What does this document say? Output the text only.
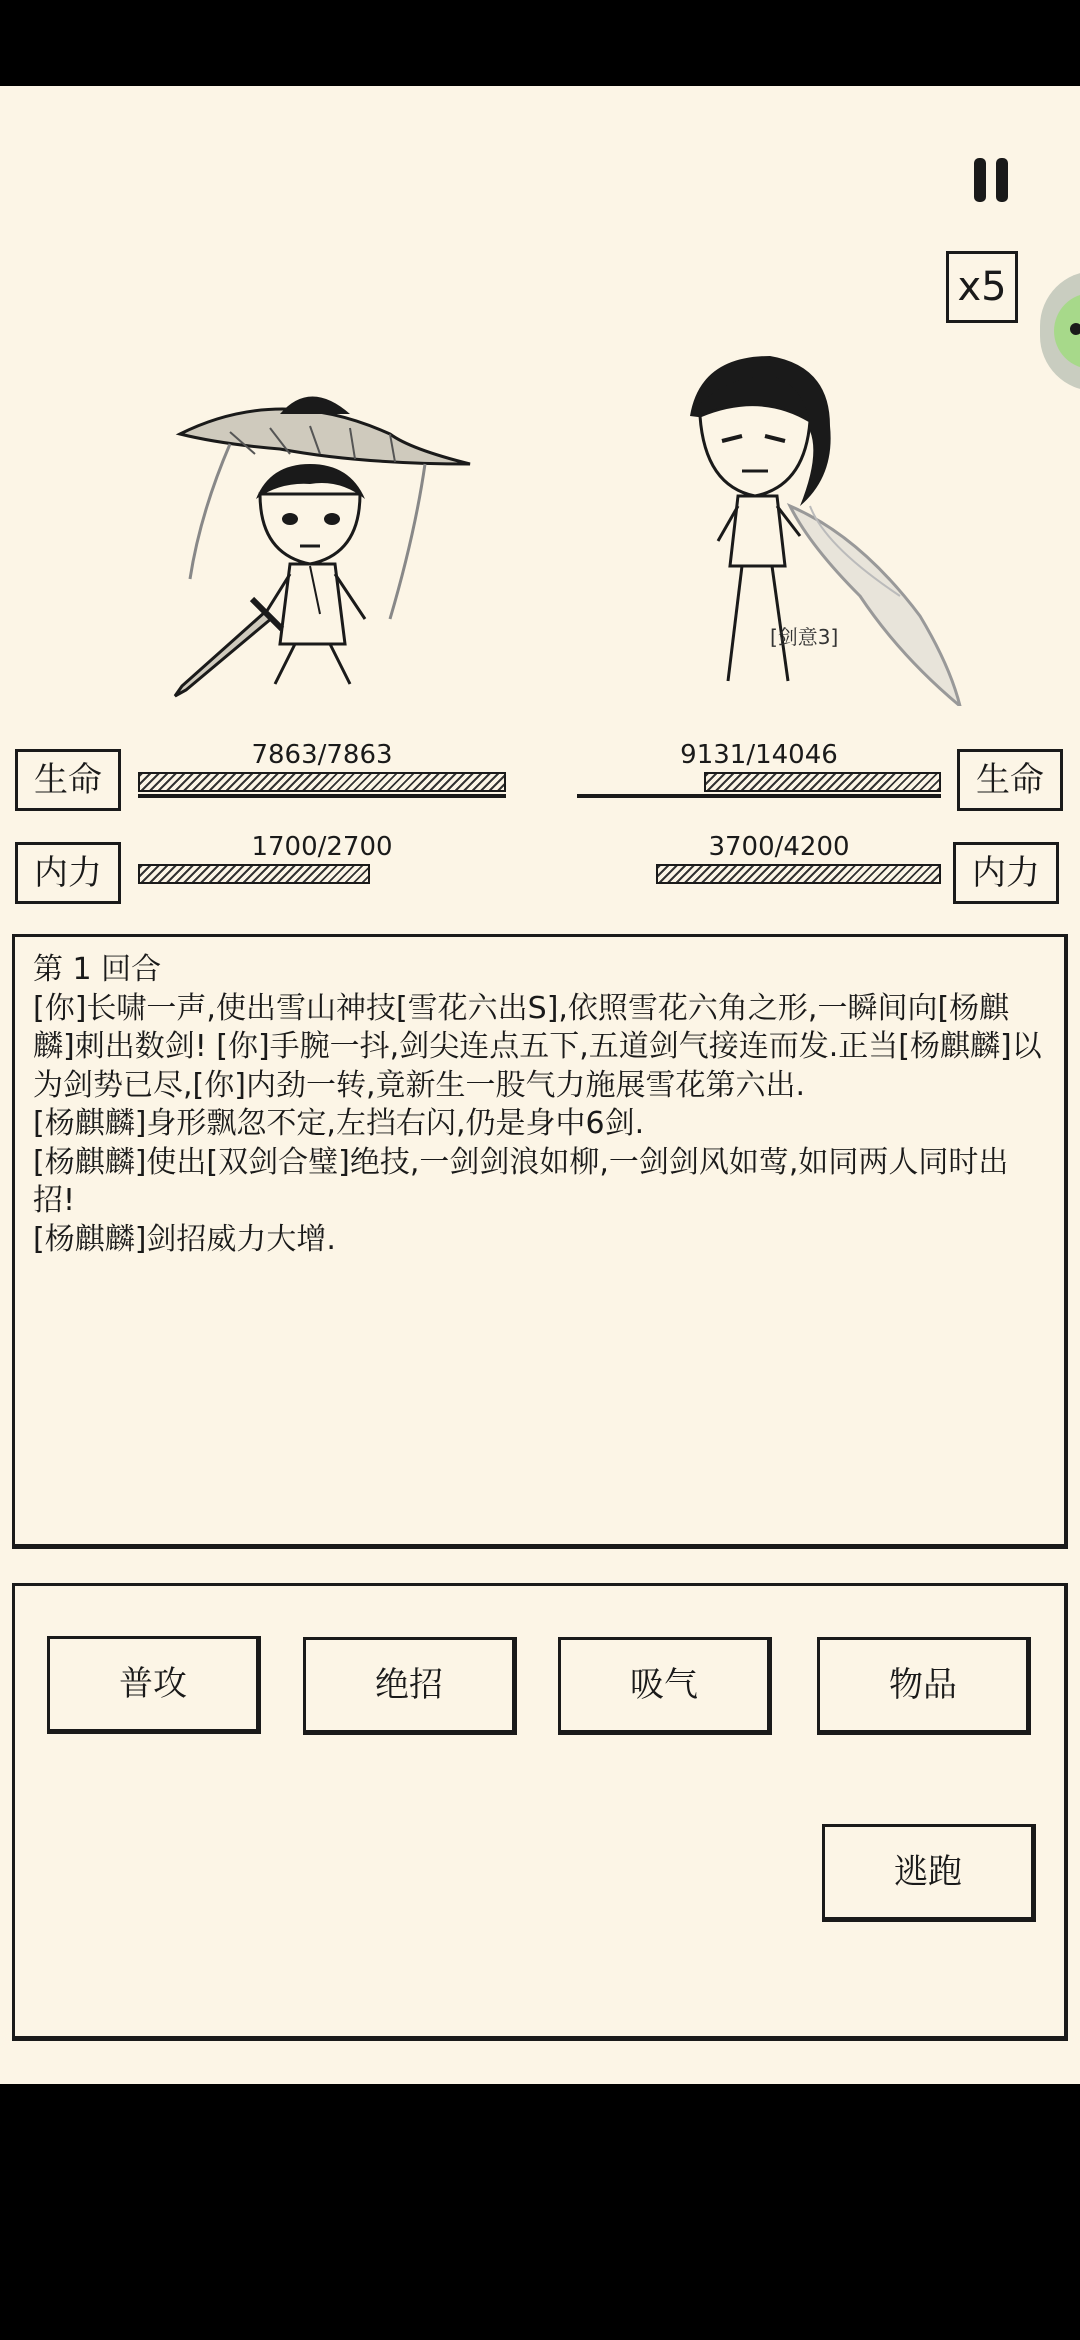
x5
[剑意3]
生命
7863/7863
生命
9131/14046
内力
1700/2700
内力
3700/4200
第 1 回合
[你]长啸一声,使出雪山神技[雪花六出S],依照雪花六角之形,一瞬间向[杨麒麟]刺出数剑! [你]手腕一抖,剑尖连点五下,五道剑气接连而发.正当[杨麒麟]以为剑势已尽,[你]内劲一转,竟新生一股气力施展雪花第六出.
[杨麒麟]身形飘忽不定,左挡右闪,仍是身中6剑.
[杨麒麟]使出[双剑合璧]绝技,一剑剑浪如柳,一剑剑风如莺,如同两人同时出招!
[杨麒麟]剑招威力大增.
普攻	绝招	吸气	物品
逃跑
